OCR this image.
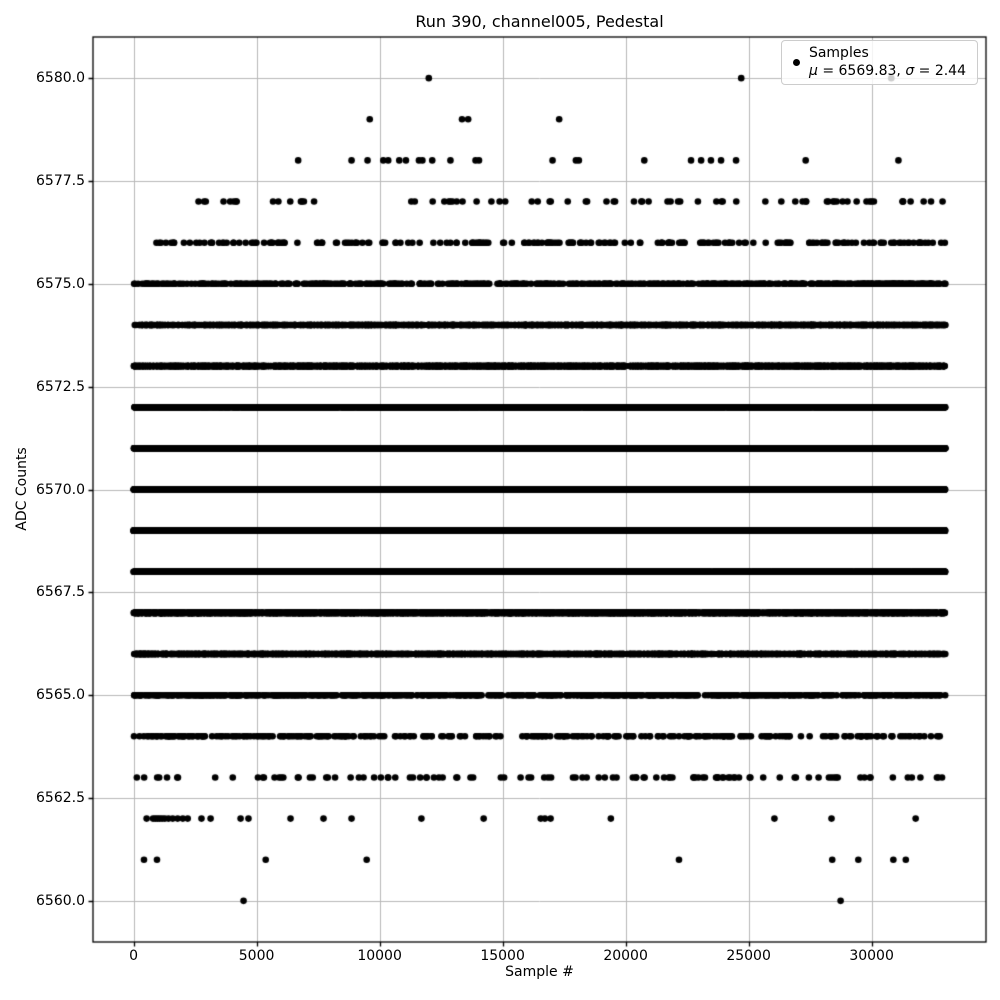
Run 390, channel005, Pedestal
Sample #
ADC Counts
0	5000	10000	15000	20000	25000	30000
6560.0
6562.5
6565.0
6567.5
6570.0
6572.5
6575.0
6577.5
6580.0
Samples
μ = 6569.83, σ = 2.44
